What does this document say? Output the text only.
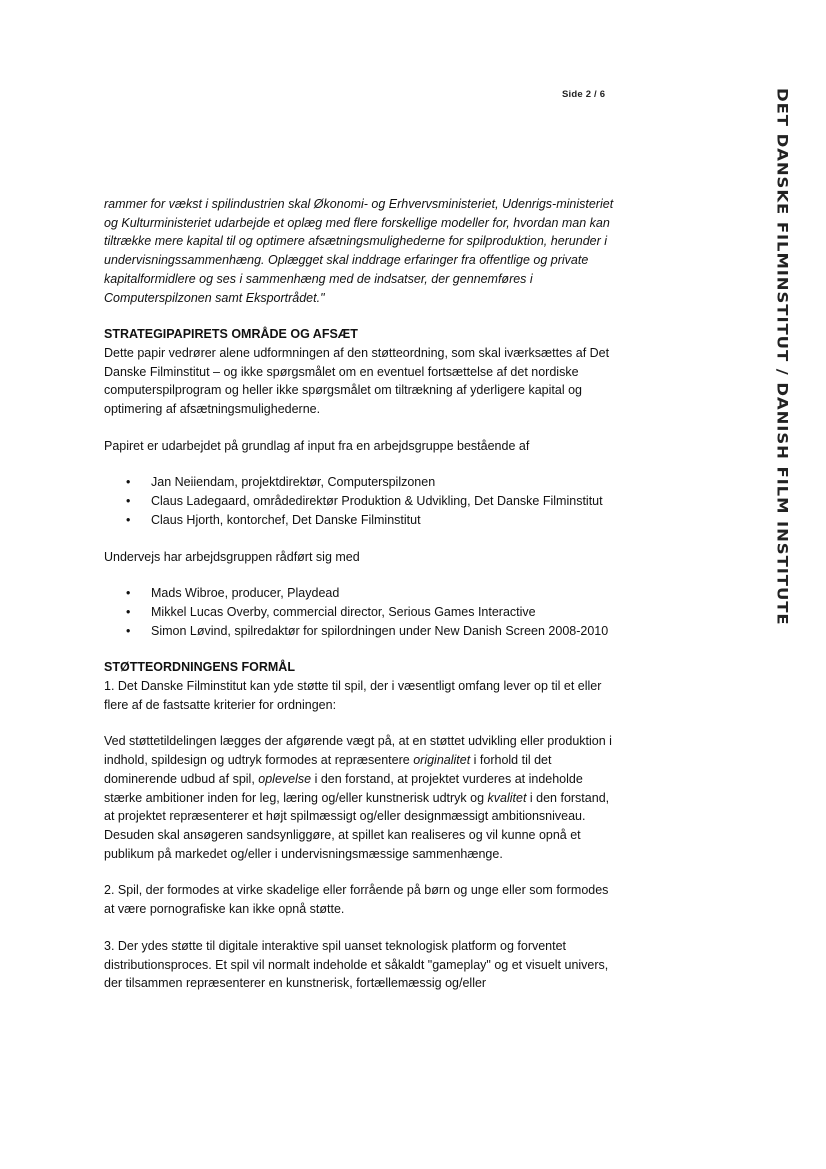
Side 2 / 6	DET DANSKE FILMINSTITUT / DANISH FILM INSTITUTE

rammer for vækst i spilindustrien skal Økonomi- og Erhvervsministeriet, Udenrigs-ministeriet og Kulturministeriet udarbejde et oplæg med flere forskellige modeller for, hvordan man kan tiltrække mere kapital til og optimere afsætningsmulighederne for spilproduktion, herunder i undervisningssammenhæng. Oplægget skal inddrage erfaringer fra offentlige og private kapitalformidlere og ses i sammenhæng med de indsatser, der gennemføres i Computerspilzonen samt Eksportrådet."

STRATEGIPAPIRETS OMRÅDE OG AFSÆT

Dette papir vedrører alene udformningen af den støtteordning, som skal iværksættes af Det Danske Filminstitut – og ikke spørgsmålet om en eventuel fortsættelse af det nordiske computerspilprogram og heller ikke spørgsmålet om tiltrækning af yderligere kapital og optimering af afsætningsmulighederne.

Papiret er udarbejdet på grundlag af input fra en arbejdsgruppe bestående af

• Jan Neiiendam, projektdirektør, Computerspilzonen
• Claus Ladegaard, områdedirektør Produktion & Udvikling, Det Danske Filminstitut
• Claus Hjorth, kontorchef, Det Danske Filminstitut

Undervejs har arbejdsgruppen rådført sig med

• Mads Wibroe, producer, Playdead
• Mikkel Lucas Overby, commercial director, Serious Games Interactive
• Simon Løvind, spilredaktør for spilordningen under New Danish Screen 2008-2010

STØTTEORDNINGENS FORMÅL

1. Det Danske Filminstitut kan yde støtte til spil, der i væsentligt omfang lever op til et eller flere af de fastsatte kriterier for ordningen:

Ved støttetildelingen lægges der afgørende vægt på, at en støttet udvikling eller produktion i indhold, spildesign og udtryk formodes at repræsentere originalitet i forhold til det dominerende udbud af spil, oplevelse i den forstand, at projektet vurderes at indeholde stærke ambitioner inden for leg, læring og/eller kunstnerisk udtryk og kvalitet i den forstand, at projektet repræsenterer et højt spilmæssigt og/eller designmæssigt ambitionsniveau. Desuden skal ansøgeren sandsynliggøre, at spillet kan realiseres og vil kunne opnå et publikum på markedet og/eller i undervisningsmæssige sammenhænge.

2. Spil, der formodes at virke skadelige eller forrående på børn og unge eller som formodes at være pornografiske kan ikke opnå støtte.

3. Der ydes støtte til digitale interaktive spil uanset teknologisk platform og forventet distributionsproces. Et spil vil normalt indeholde et såkaldt "gameplay" og et visuelt univers, der tilsammen repræsenterer en kunstnerisk, fortællemæssig og/eller
